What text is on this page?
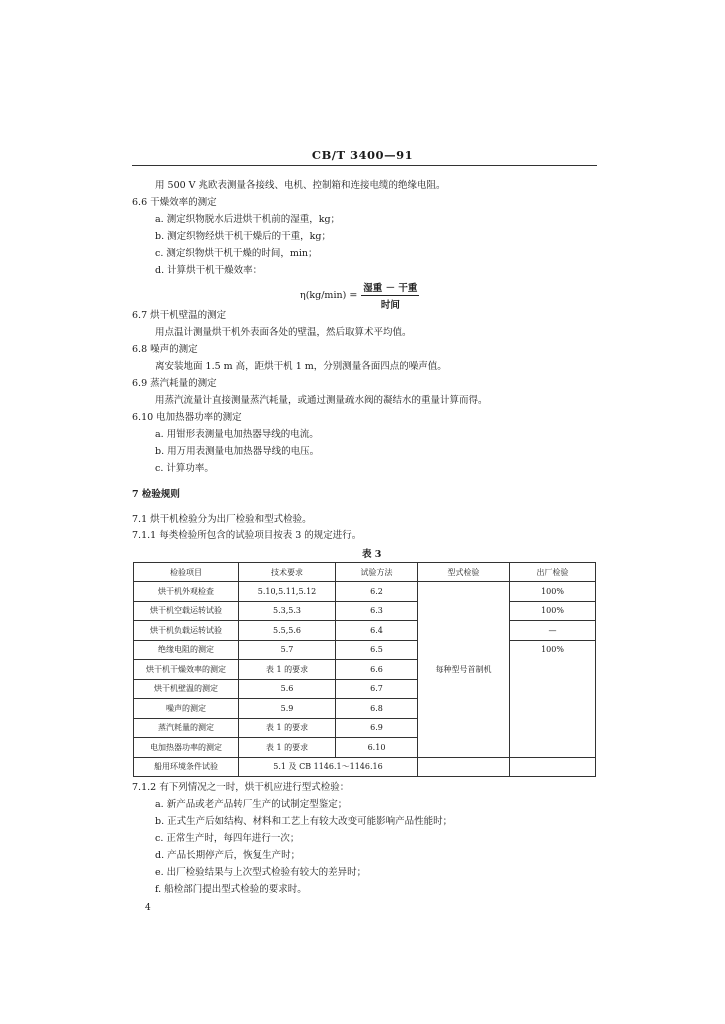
CB/T 3400—91
用 500 V 兆欧表测量各接线、电机、控制箱和连接电缆的绝缘电阻。
6.6 干燥效率的测定
a. 测定织物脱水后进烘干机前的湿重，kg；
b. 测定织物经烘干机干燥后的干重，kg；
c. 测定织物烘干机干燥的时间，min；
d. 计算烘干机干燥效率：
$\eta(kg/\min) = \frac{\text{湿重 － 干重}}{\text{时间}}$
6.7 烘干机壁温的测定
用点温计测量烘干机外表面各处的壁温，然后取算术平均值。
6.8 噪声的测定
离安装地面 1.5 m 高，距烘干机 1 m，分别测量各面四点的噪声值。
6.9 蒸汽耗量的测定
用蒸汽流量计直接测量蒸汽耗量，或通过测量疏水阀的凝结水的重量计算而得。
6.10 电加热器功率的测定
a. 用钳形表测量电加热器导线的电流。
b. 用万用表测量电加热器导线的电压。
c. 计算功率。
7 检验规则
7.1 烘干机检验分为出厂检验和型式检验。
7.1.1 每类检验所包含的试验项目按表 3 的规定进行。
表 3
检验项目	技术要求	试验方法	型式检验	出厂检验
烘干机外观检查	5.10,5.11,5.12	6.2	每种型号首制机	100%
烘干机空载运转试验	5.3,5.3	6.3		100%
烘干机负载运转试验	5.5,5.6	6.4		—
绝缘电阻的测定	5.7	6.5		100%
烘干机干燥效率的测定	表 1 的要求	6.6		
烘干机壁温的测定	5.6	6.7		
噪声的测定	5.9	6.8		
蒸汽耗量的测定	表 1 的要求	6.9		
电加热器功率的测定	表 1 的要求	6.10		
船用环境条件试验	5.1 及 CB 1146.1～1146.16			
7.1.2 有下列情况之一时，烘干机应进行型式检验：
a. 新产品或老产品转厂生产的试制定型鉴定；
b. 正式生产后如结构、材料和工艺上有较大改变可能影响产品性能时；
c. 正常生产时，每四年进行一次；
d. 产品长期停产后，恢复生产时；
e. 出厂检验结果与上次型式检验有较大的差异时；
f. 船检部门提出型式检验的要求时。
4
